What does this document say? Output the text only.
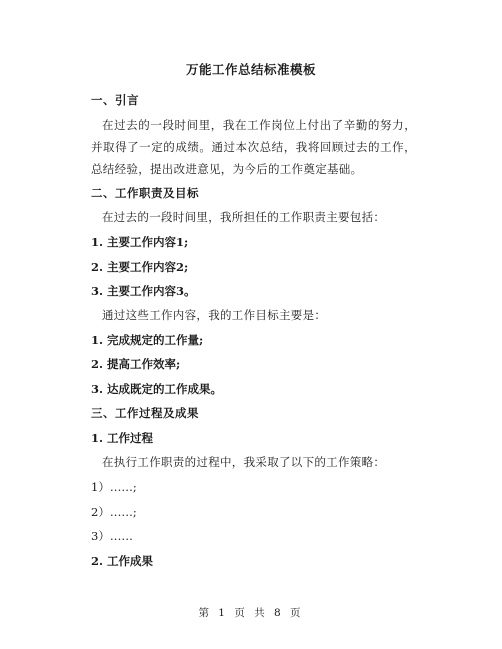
万能工作总结标准模板
一、引言
在过去的一段时间里，我在工作岗位上付出了辛勤的努力，并取得了一定的成绩。通过本次总结，我将回顾过去的工作，总结经验，提出改进意见，为今后的工作奠定基础。
二、工作职责及目标
在过去的一段时间里，我所担任的工作职责主要包括：
1. 主要工作内容1;
2. 主要工作内容2;
3. 主要工作内容3。
通过这些工作内容，我的工作目标主要是：
1. 完成规定的工作量;
2. 提高工作效率;
3. 达成既定的工作成果。
三、工作过程及成果
1. 工作过程
在执行工作职责的过程中，我采取了以下的工作策略：
1）……;
2）……;
3）……
2. 工作成果
第 1 页 共 8 页
